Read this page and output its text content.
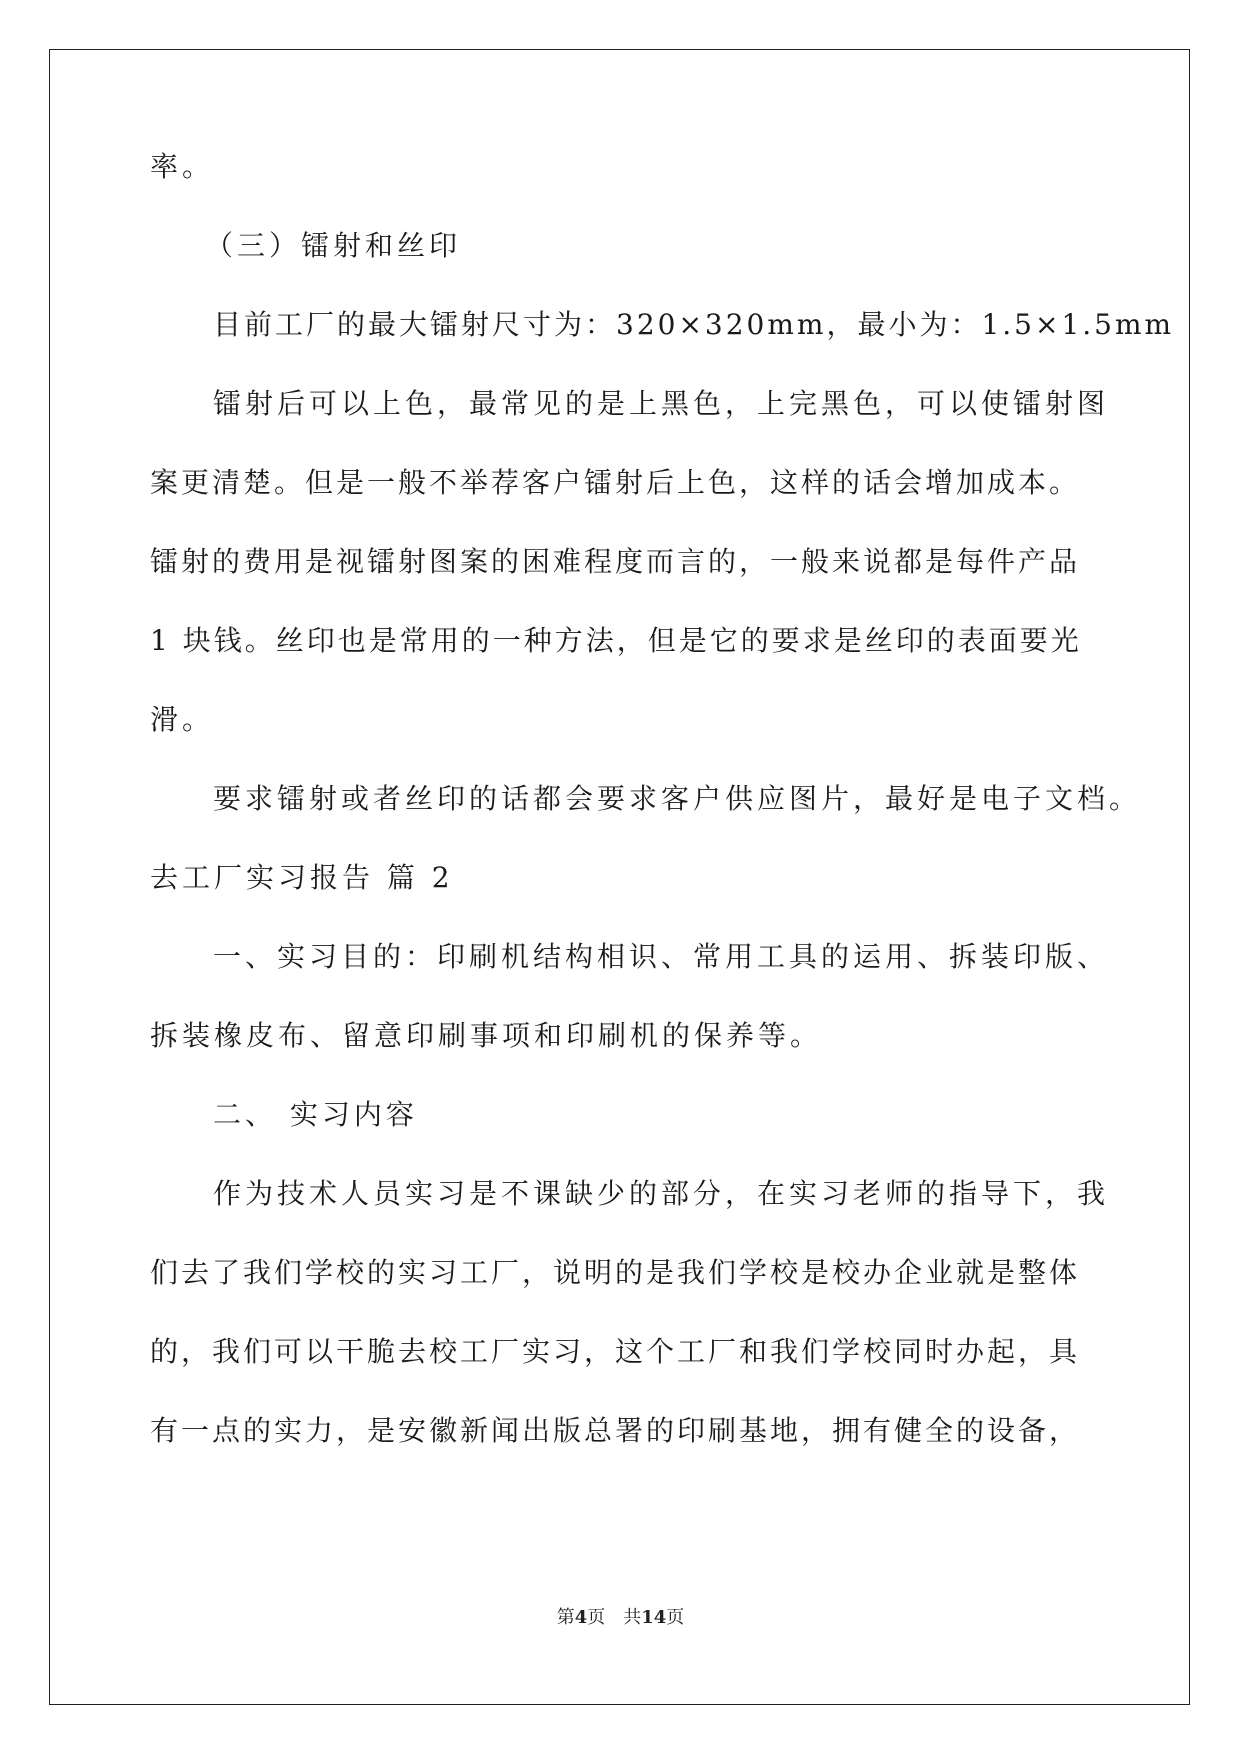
率。
（三）镭射和丝印
目前工厂的最大镭射尺寸为：320×320mm，最小为：1.5×1.5mm
镭射后可以上色，最常见的是上黑色，上完黑色，可以使镭射图
案更清楚。但是一般不举荐客户镭射后上色，这样的话会增加成本。
镭射的费用是视镭射图案的困难程度而言的，一般来说都是每件产品
1 块钱。丝印也是常用的一种方法，但是它的要求是丝印的表面要光
滑。
要求镭射或者丝印的话都会要求客户供应图片，最好是电子文档。
去工厂实习报告 篇 2
一、实习目的：印刷机结构相识、常用工具的运用、拆装印版、
拆装橡皮布、留意印刷事项和印刷机的保养等。
二、 实习内容
作为技术人员实习是不课缺少的部分，在实习老师的指导下，我
们去了我们学校的实习工厂，说明的是我们学校是校办企业就是整体
的，我们可以干脆去校工厂实习，这个工厂和我们学校同时办起，具
有一点的实力，是安徽新闻出版总署的印刷基地，拥有健全的设备，
第4页 共14页
